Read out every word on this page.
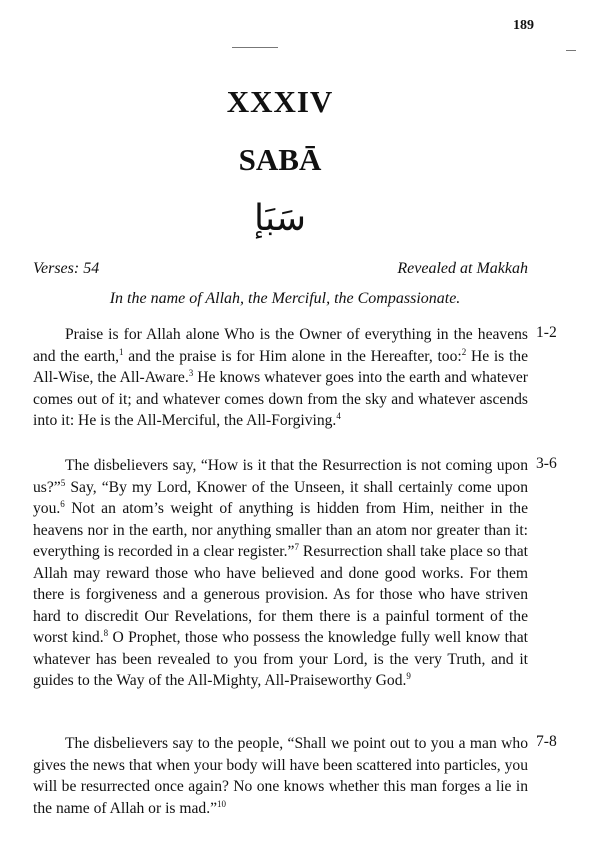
189
XXXIV
SABĀ
سَبَإ
Verses: 54	Revealed at Makkah
In the name of Allah, the Merciful, the Compassionate.
Praise is for Allah alone Who is the Owner of everything in the heavens and the earth,$^1$ and the praise is for Him alone in the Hereafter, too:$^2$ He is the All-Wise, the All-Aware.$^3$ He knows whatever goes into the earth and whatever comes out of it; and whatever comes down from the sky and whatever ascends into it: He is the All-Merciful, the All-Forgiving.$^4$
1-2
The disbelievers say, “How is it that the Resurrection is not coming upon us?”$^5$ Say, “By my Lord, Knower of the Unseen, it shall certainly come upon you.$^6$ Not an atom’s weight of anything is hidden from Him, neither in the heavens nor in the earth, nor anything smaller than an atom nor greater than it: everything is recorded in a clear register.”$^7$ Resurrection shall take place so that Allah may reward those who have believed and done good works. For them there is forgiveness and a generous provision. As for those who have striven hard to discredit Our Revelations, for them there is a painful torment of the worst kind.$^8$ O Prophet, those who possess the knowledge fully well know that whatever has been revealed to you from your Lord, is the very Truth, and it guides to the Way of the All-Mighty, All-Praiseworthy God.$^9$
3-6
The disbelievers say to the people, “Shall we point out to you a man who gives the news that when your body will have been scattered into particles, you will be resurrected once again? No one knows whether this man forges a lie in the name of Allah or is mad.”$^{10}$
7-8
